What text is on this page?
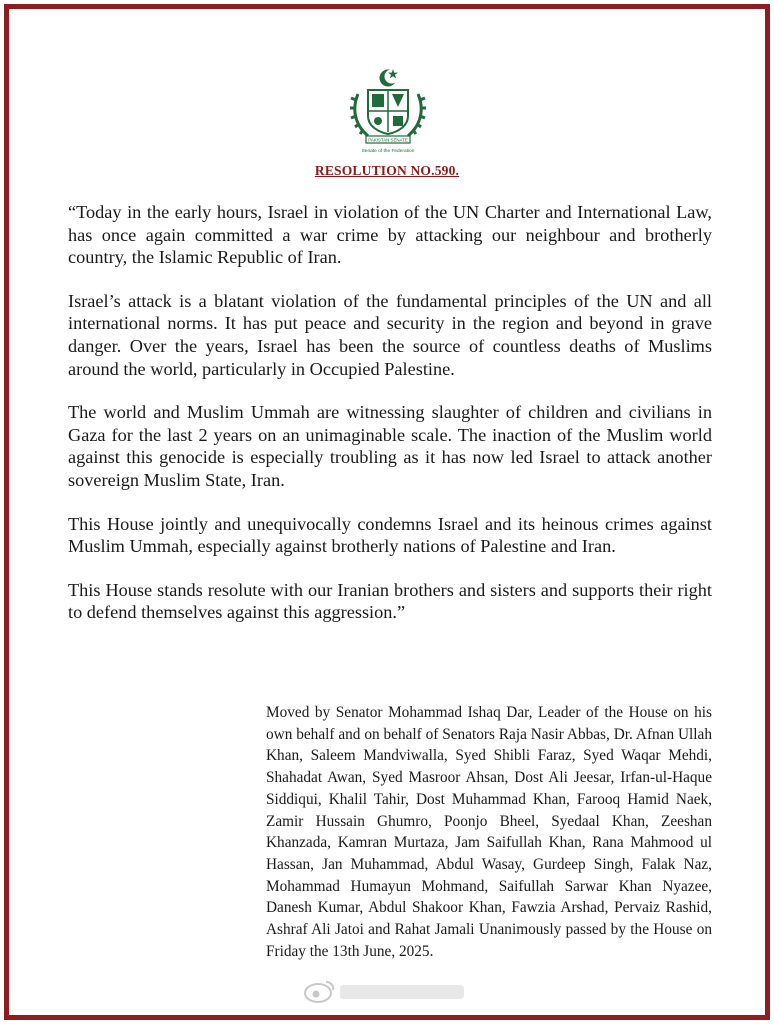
PAKISTAN SENATE
Senate of the Federation
RESOLUTION NO.590.

“Today in the early hours, Israel in violation of the UN Charter and International Law, has once again committed a war crime by attacking our neighbour and brotherly country, the Islamic Republic of Iran.

Israel’s attack is a blatant violation of the fundamental principles of the UN and all international norms. It has put peace and security in the region and beyond in grave danger. Over the years, Israel has been the source of countless deaths of Muslims around the world, particularly in Occupied Palestine.

The world and Muslim Ummah are witnessing slaughter of children and civilians in Gaza for the last 2 years on an unimaginable scale. The inaction of the Muslim world against this genocide is especially troubling as it has now led Israel to attack another sovereign Muslim State, Iran.

This House jointly and unequivocally condemns Israel and its heinous crimes against Muslim Ummah, especially against brotherly nations of Palestine and Iran.

This House stands resolute with our Iranian brothers and sisters and supports their right to defend themselves against this aggression.”

Moved by Senator Mohammad Ishaq Dar, Leader of the House on his own behalf and on behalf of Senators Raja Nasir Abbas, Dr. Afnan Ullah Khan, Saleem Mandviwalla, Syed Shibli Faraz, Syed Waqar Mehdi, Shahadat Awan, Syed Masroor Ahsan, Dost Ali Jeesar, Irfan-ul-Haque Siddiqui, Khalil Tahir, Dost Muhammad Khan, Farooq Hamid Naek, Zamir Hussain Ghumro, Poonjo Bheel, Syedaal Khan, Zeeshan Khanzada, Kamran Murtaza, Jam Saifullah Khan, Rana Mahmood ul Hassan, Jan Muhammad, Abdul Wasay, Gurdeep Singh, Falak Naz, Mohammad Humayun Mohmand, Saifullah Sarwar Khan Nyazee, Danesh Kumar, Abdul Shakoor Khan, Fawzia Arshad, Pervaiz Rashid, Ashraf Ali Jatoi and Rahat Jamali Unanimously passed by the House on Friday the 13th June, 2025.
